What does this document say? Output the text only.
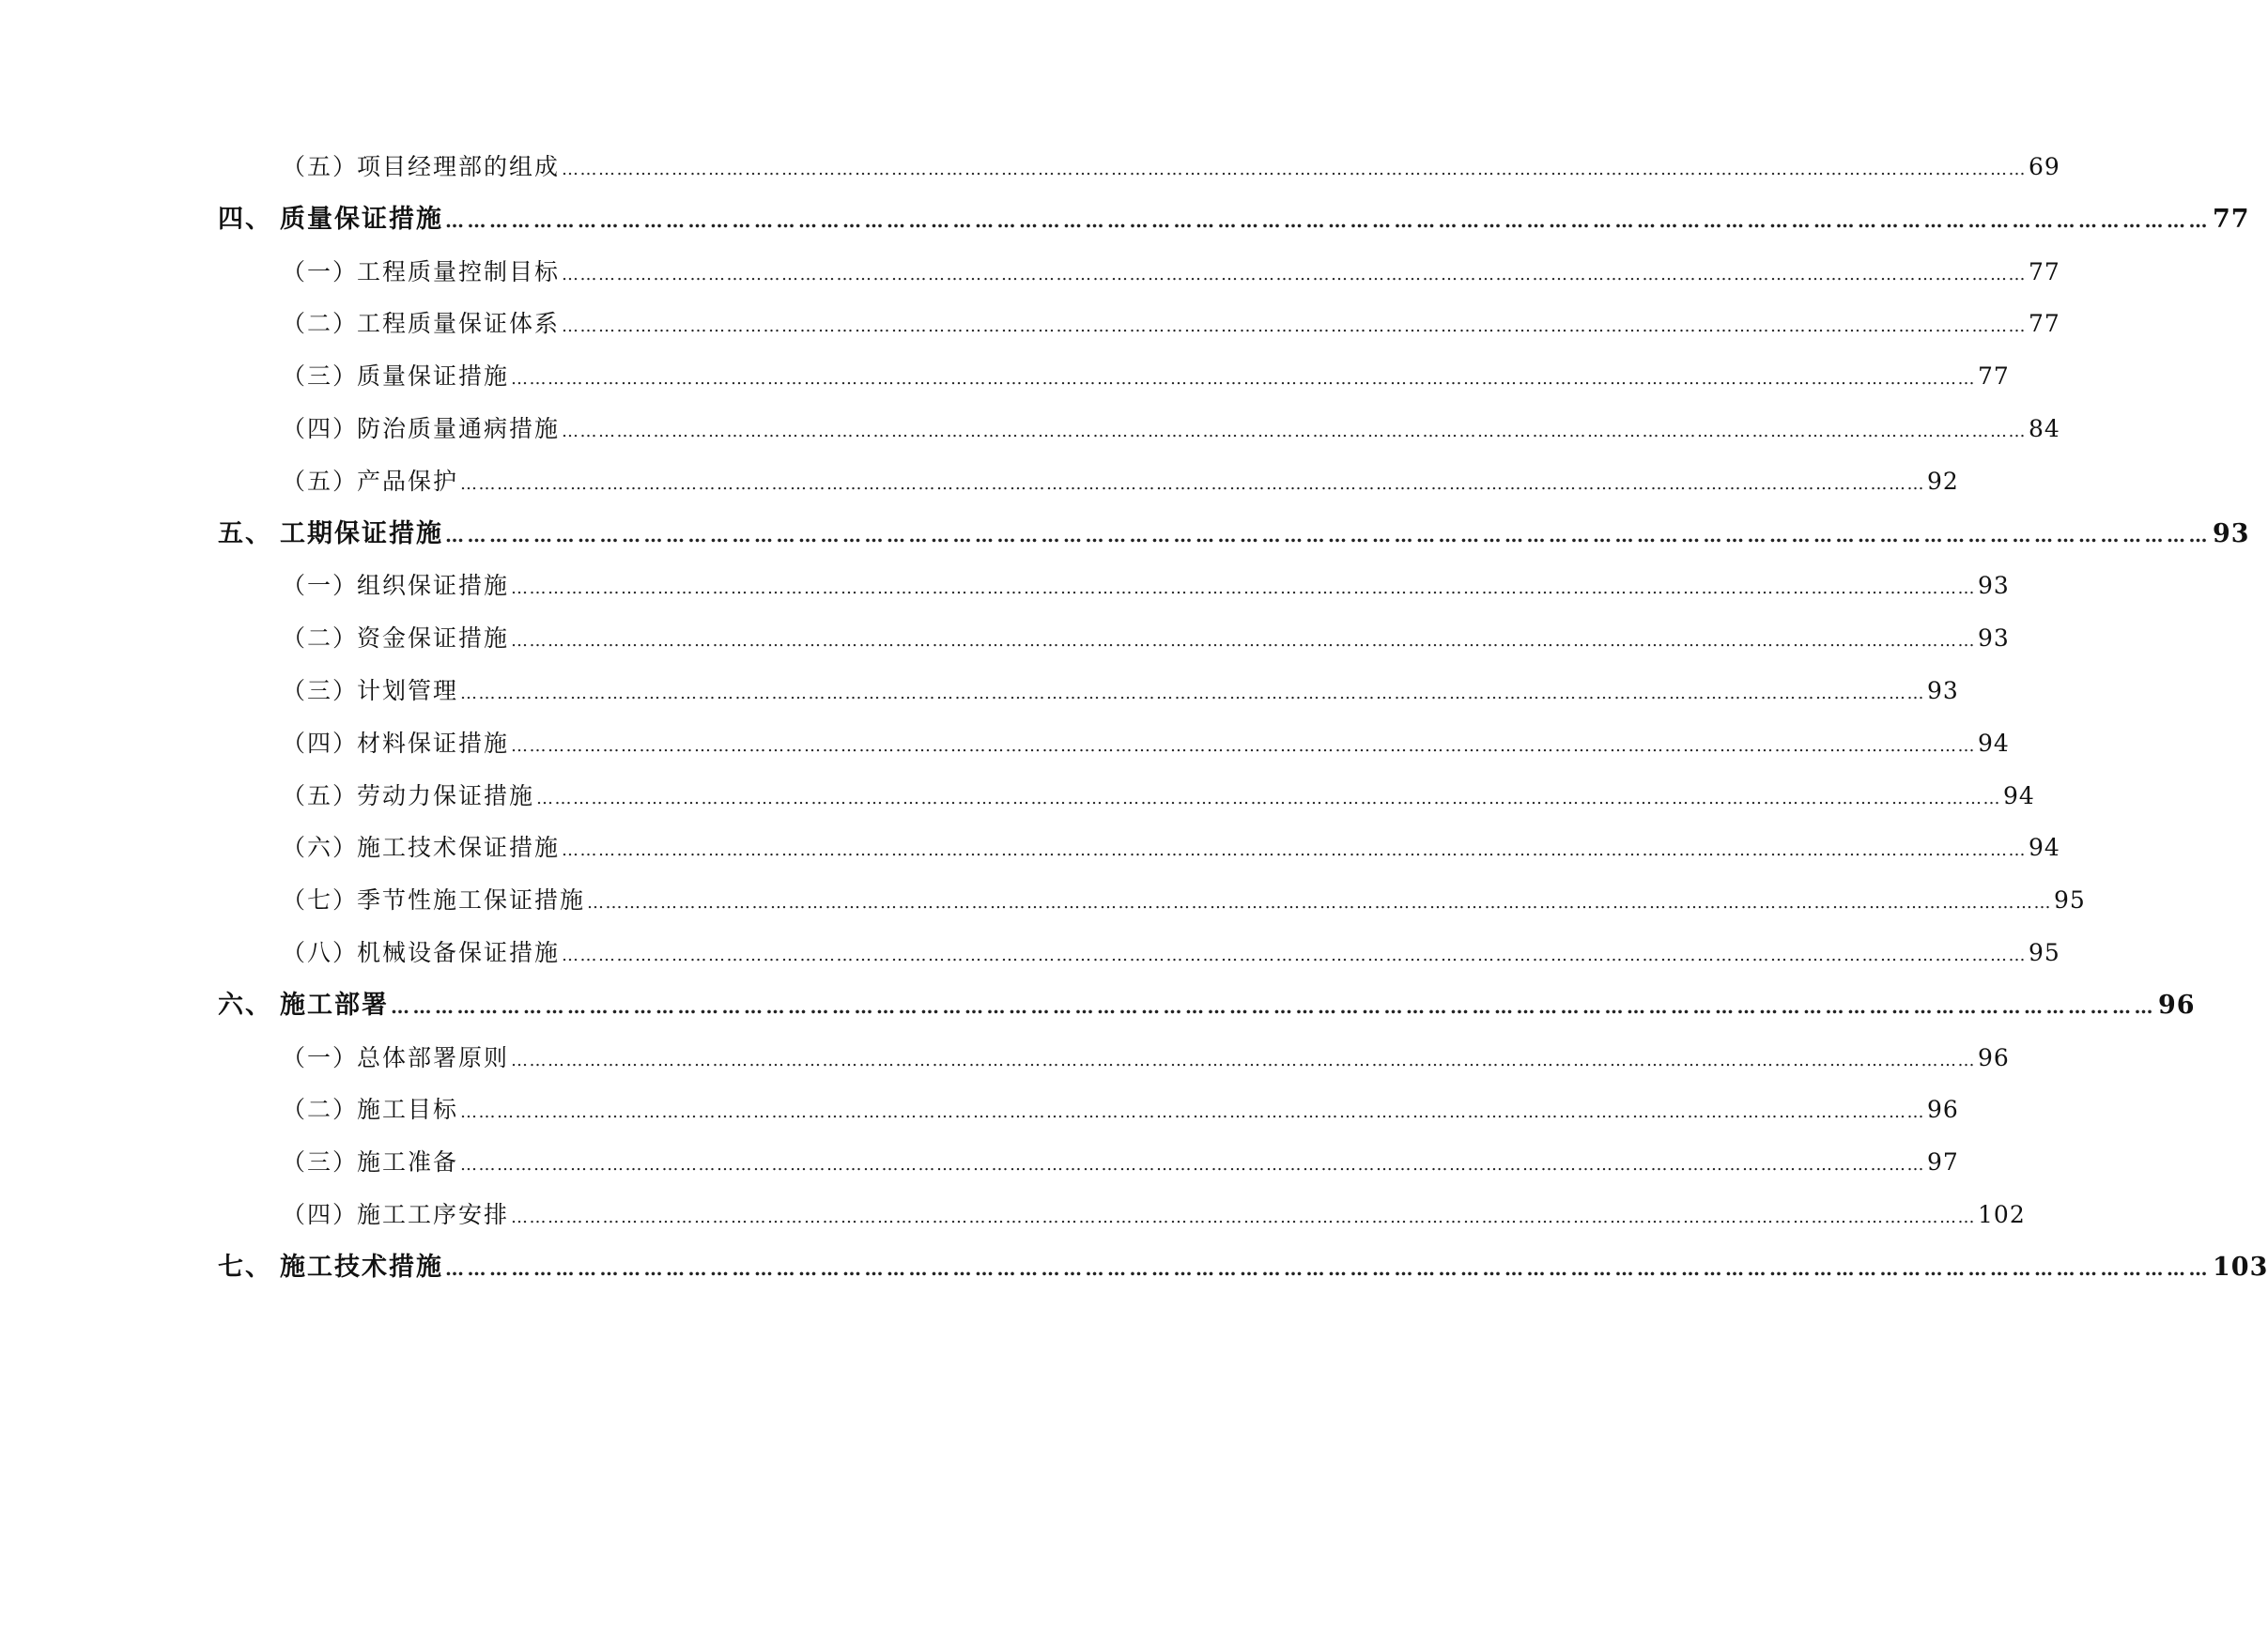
（五）
项目经理部的组成 …………………………………………………………………………………………………………………………………………………………………………………………………………………… 69
四、 质量保证措施 …………………………………………………………………………………………………………………………………………………………………………………………………………………… 77
（一）
工程质量控制目标 …………………………………………………………………………………………………………………………………………………………………………………………………………………… 77
（二）
工程质量保证体系 …………………………………………………………………………………………………………………………………………………………………………………………………………………… 77
（三）
质量保证措施 …………………………………………………………………………………………………………………………………………………………………………………………………………………… 77
（四）
防治质量通病措施 …………………………………………………………………………………………………………………………………………………………………………………………………………………… 84
（五）
产品保护 …………………………………………………………………………………………………………………………………………………………………………………………………………………… 92
五、 工期保证措施 …………………………………………………………………………………………………………………………………………………………………………………………………………………… 93
（一）
组织保证措施 …………………………………………………………………………………………………………………………………………………………………………………………………………………… 93
（二）
资金保证措施 …………………………………………………………………………………………………………………………………………………………………………………………………………………… 93
（三）
计划管理 …………………………………………………………………………………………………………………………………………………………………………………………………………………… 93
（四）
材料保证措施 …………………………………………………………………………………………………………………………………………………………………………………………………………………… 94
（五）
劳动力保证措施 …………………………………………………………………………………………………………………………………………………………………………………………………………………… 94
（六）
施工技术保证措施 …………………………………………………………………………………………………………………………………………………………………………………………………………………… 94
（七）
季节性施工保证措施 …………………………………………………………………………………………………………………………………………………………………………………………………………………… 95
（八）
机械设备保证措施 …………………………………………………………………………………………………………………………………………………………………………………………………………………… 95
六、 施工部署 …………………………………………………………………………………………………………………………………………………………………………………………………………………… 96
（一）
总体部署原则 …………………………………………………………………………………………………………………………………………………………………………………………………………………… 96
（二）
施工目标 …………………………………………………………………………………………………………………………………………………………………………………………………………………… 96
（三）
施工准备 …………………………………………………………………………………………………………………………………………………………………………………………………………………… 97
（四）
施工工序安排 …………………………………………………………………………………………………………………………………………………………………………………………………………………… 102
七、 施工技术措施 …………………………………………………………………………………………………………………………………………………………………………………………………………………… 103
